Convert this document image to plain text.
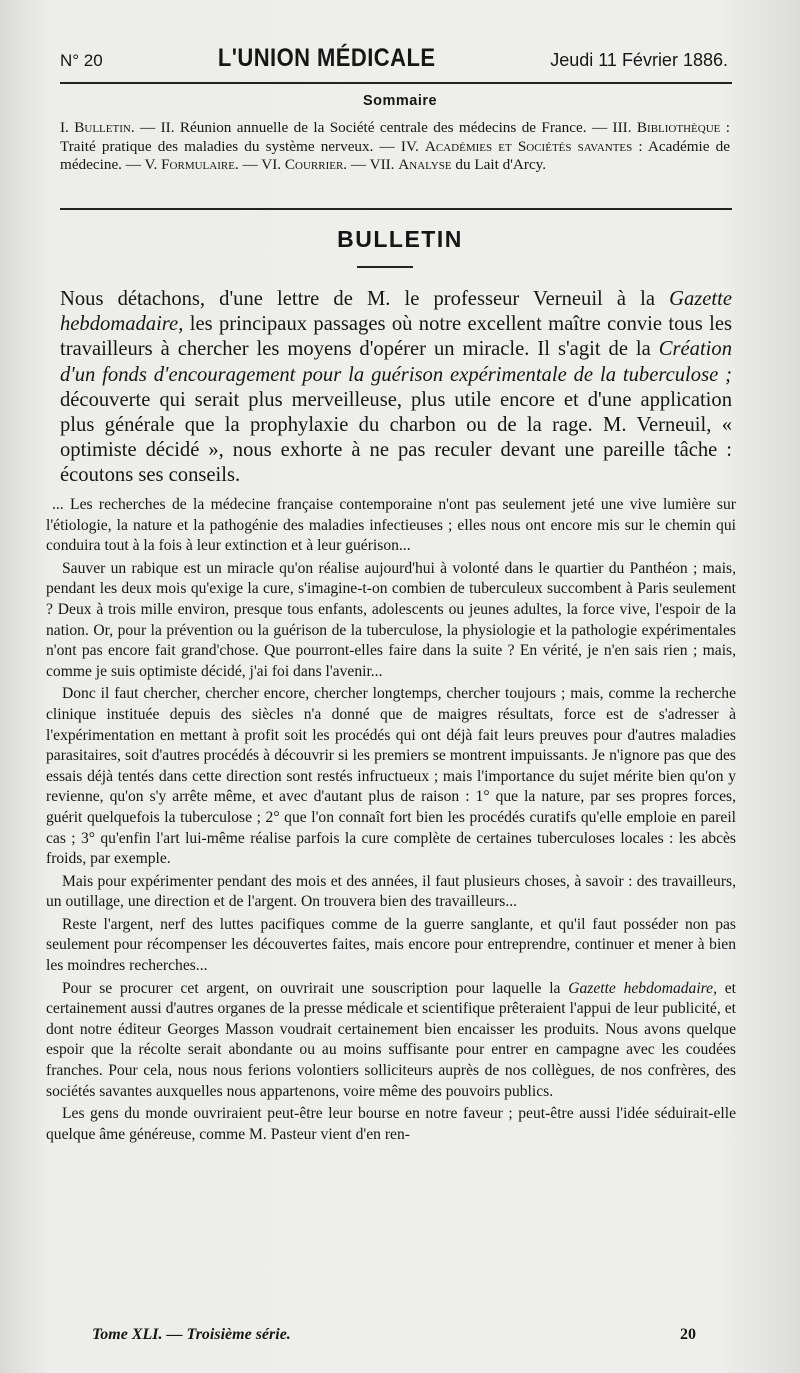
N° 20	L'UNION MÉDICALE	Jeudi 11 Février 1886.
Sommaire
I. Bulletin. — II. Réunion annuelle de la Société centrale des médecins de France. — III. Bibliothèque : Traité pratique des maladies du système nerveux. — IV. Académies et Sociétés savantes : Académie de médecine. — V. Formulaire. — VI. Courrier. — VII. Analyse du Lait d'Arcy.
BULLETIN
Nous détachons, d'une lettre de M. le professeur Verneuil à la Gazette hebdomadaire, les principaux passages où notre excellent maître convie tous les travailleurs à chercher les moyens d'opérer un miracle. Il s'agit de la Création d'un fonds d'encouragement pour la guérison expérimentale de la tuberculose ; découverte qui serait plus merveilleuse, plus utile encore et d'une application plus générale que la prophylaxie du charbon ou de la rage. M. Verneuil, « optimiste décidé », nous exhorte à ne pas reculer devant une pareille tâche : écoutons ses conseils.

... Les recherches de la médecine française contemporaine n'ont pas seulement jeté une vive lumière sur l'étiologie, la nature et la pathogénie des maladies infectieuses ; elles nous ont encore mis sur le chemin qui conduira tout à la fois à leur extinction et à leur guérison...

Sauver un rabique est un miracle qu'on réalise aujourd'hui à volonté dans le quartier du Panthéon ; mais, pendant les deux mois qu'exige la cure, s'imagine-t-on combien de tuberculeux succombent à Paris seulement ? Deux à trois mille environ, presque tous enfants, adolescents ou jeunes adultes, la force vive, l'espoir de la nation. Or, pour la prévention ou la guérison de la tuberculose, la physiologie et la pathologie expérimentales n'ont pas encore fait grand'chose. Que pourront-elles faire dans la suite ? En vérité, je n'en sais rien ; mais, comme je suis optimiste décidé, j'ai foi dans l'avenir...

Donc il faut chercher, chercher encore, chercher longtemps, chercher toujours ; mais, comme la recherche clinique instituée depuis des siècles n'a donné que de maigres résultats, force est de s'adresser à l'expérimentation en mettant à profit soit les procédés qui ont déjà fait leurs preuves pour d'autres maladies parasitaires, soit d'autres procédés à découvrir si les premiers se montrent impuissants. Je n'ignore pas que des essais déjà tentés dans cette direction sont restés infructueux ; mais l'importance du sujet mérite bien qu'on y revienne, qu'on s'y arrête même, et avec d'autant plus de raison : 1° que la nature, par ses propres forces, guérit quelquefois la tuberculose ; 2° que l'on connaît fort bien les procédés curatifs qu'elle emploie en pareil cas ; 3° qu'enfin l'art lui-même réalise parfois la cure complète de certaines tuberculoses locales : les abcès froids, par exemple.

Mais pour expérimenter pendant des mois et des années, il faut plusieurs choses, à savoir : des travailleurs, un outillage, une direction et de l'argent. On trouvera bien des travailleurs...

Reste l'argent, nerf des luttes pacifiques comme de la guerre sanglante, et qu'il faut posséder non pas seulement pour récompenser les découvertes faites, mais encore pour entreprendre, continuer et mener à bien les moindres recherches...

Pour se procurer cet argent, on ouvrirait une souscription pour laquelle la Gazette hebdomadaire, et certainement aussi d'autres organes de la presse médicale et scientifique prêteraient l'appui de leur publicité, et dont notre éditeur Georges Masson voudrait certainement bien encaisser les produits. Nous avons quelque espoir que la récolte serait abondante ou au moins suffisante pour entrer en campagne avec les coudées franches. Pour cela, nous nous ferions volontiers solliciteurs auprès de nos collègues, de nos confrères, des sociétés savantes auxquelles nous appartenons, voire même des pouvoirs publics.

Les gens du monde ouvriraient peut-être leur bourse en notre faveur ; peut-être aussi l'idée séduirait-elle quelque âme généreuse, comme M. Pasteur vient d'en ren-

Tome XLI. — Troisième série.	20
